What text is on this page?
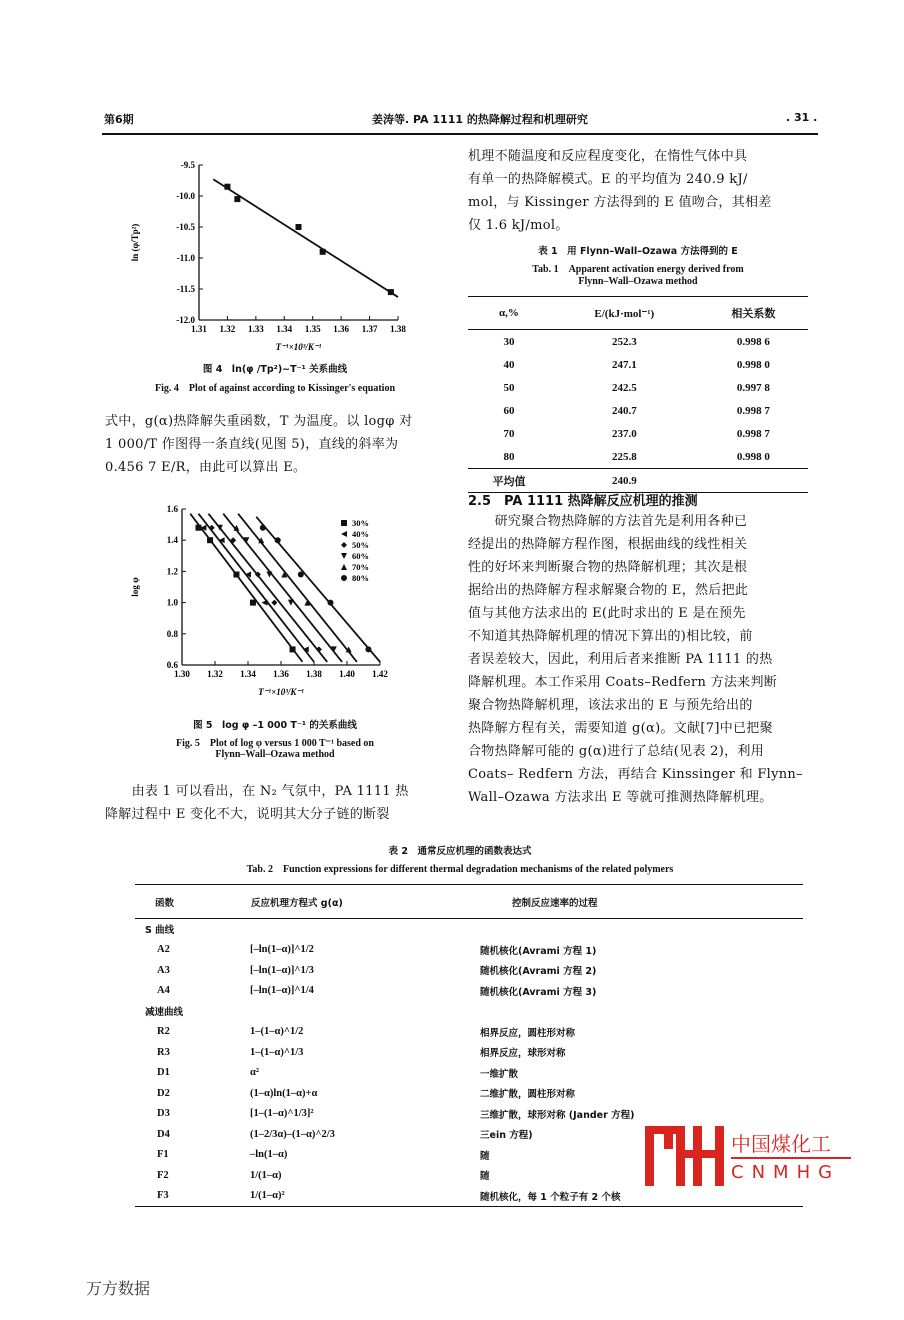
第6期	姜涛等. PA 1111 的热降解过程和机理研究	. 31 .
1.31 1.32 1.33 1.34 1.35 1.36 1.37 1.38
-9.5
-10.0
-10.5
-11.0
-11.5
-12.0
T⁻¹×10³/K⁻¹
ln (φ/Tp²)
图 4　ln(φ /Tp²)~T⁻¹ 关系曲线
Fig. 4　Plot of against according to Kissinger's equation
式中，g(α)热降解失重函数，T 为温度。以 logφ 对
1 000/T 作图得一条直线(见图 5)，直线的斜率为
0.456 7 E/R，由此可以算出 E。
1.30 1.32 1.34 1.36 1.38 1.40 1.42
0.6
0.8
1.0
1.2
1.4
1.6
T⁻¹×10³/K⁻¹
log φ
30%
40%
50%
60%
70%
80%
图 5　log φ –1 000 T⁻¹ 的关系曲线
Fig. 5　Plot of log φ versus 1 000 T⁻¹ based on
Flynn–Wall–Ozawa method
　　由表 1 可以看出，在 N₂ 气氛中，PA 1111 热
降解过程中 E 变化不大，说明其大分子链的断裂
机理不随温度和反应程度变化，在惰性气体中具
有单一的热降解模式。E 的平均值为 240.9 kJ/
mol，与 Kissinger 方法得到的 E 值吻合，其相差
仅 1.6 kJ/mol。
表 1　用 Flynn–Wall–Ozawa 方法得到的 E
Tab. 1　Apparent activation energy derived from
Flynn–Wall–Ozawa method
α,%	E/(kJ·mol⁻¹)	相关系数
30	252.3	0.998 6
40	247.1	0.998 0
50	242.5	0.997 8
60	240.7	0.998 7
70	237.0	0.998 7
80	225.8	0.998 0
平均值	240.9	
2.5　PA 1111 热降解反应机理的推测
　　研究聚合物热降解的方法首先是利用各种已
经提出的热降解方程作图，根据曲线的线性相关
性的好坏来判断聚合物的热降解机理；其次是根
据给出的热降解方程求解聚合物的 E，然后把此
值与其他方法求出的 E(此时求出的 E 是在预先
不知道其热降解机理的情况下算出的)相比较，前
者误差较大，因此，利用后者来推断 PA 1111 的热
降解机理。本工作采用 Coats–Redfern 方法来判断
聚合物热降解机理，该法求出的 E 与预先给出的
热降解方程有关，需要知道 g(α)。文献[7]中已把聚
合物热降解可能的 g(α)进行了总结(见表 2)，利用
Coats– Redfern 方法，再结合 Kinssinger 和 Flynn–
Wall–Ozawa 方法求出 E 等就可推测热降解机理。
表 2　通常反应机理的函数表达式
Tab. 2　Function expressions for different thermal degradation mechanisms of the related polymers
函数	反应机理方程式 g(α)	控制反应速率的过程
S 曲线		
A2	[–ln(1–α)]^1/2	随机核化(Avrami 方程 1)
A3	[–ln(1–α)]^1/3	随机核化(Avrami 方程 2)
A4	[–ln(1–α)]^1/4	随机核化(Avrami 方程 3)
减速曲线		
R2	1–(1–α)^1/2	相界反应，圆柱形对称
R3	1–(1–α)^1/3	相界反应，球形对称
D1	α²	一维扩散
D2	(1–α)ln(1–α)+α	二维扩散，圆柱形对称
D3	[1–(1–α)^1/3]²	三维扩散，球形对称 (Jander 方程)
D4	(1–2/3α)–(1–α)^2/3	三ein 方程)
F1	–ln(1–α)	随
F2	1/(1–α)	随
F3	1/(1–α)²	随机核化，每 1 个粒子有 2 个核
中国煤化工
CNMHG
万方数据
